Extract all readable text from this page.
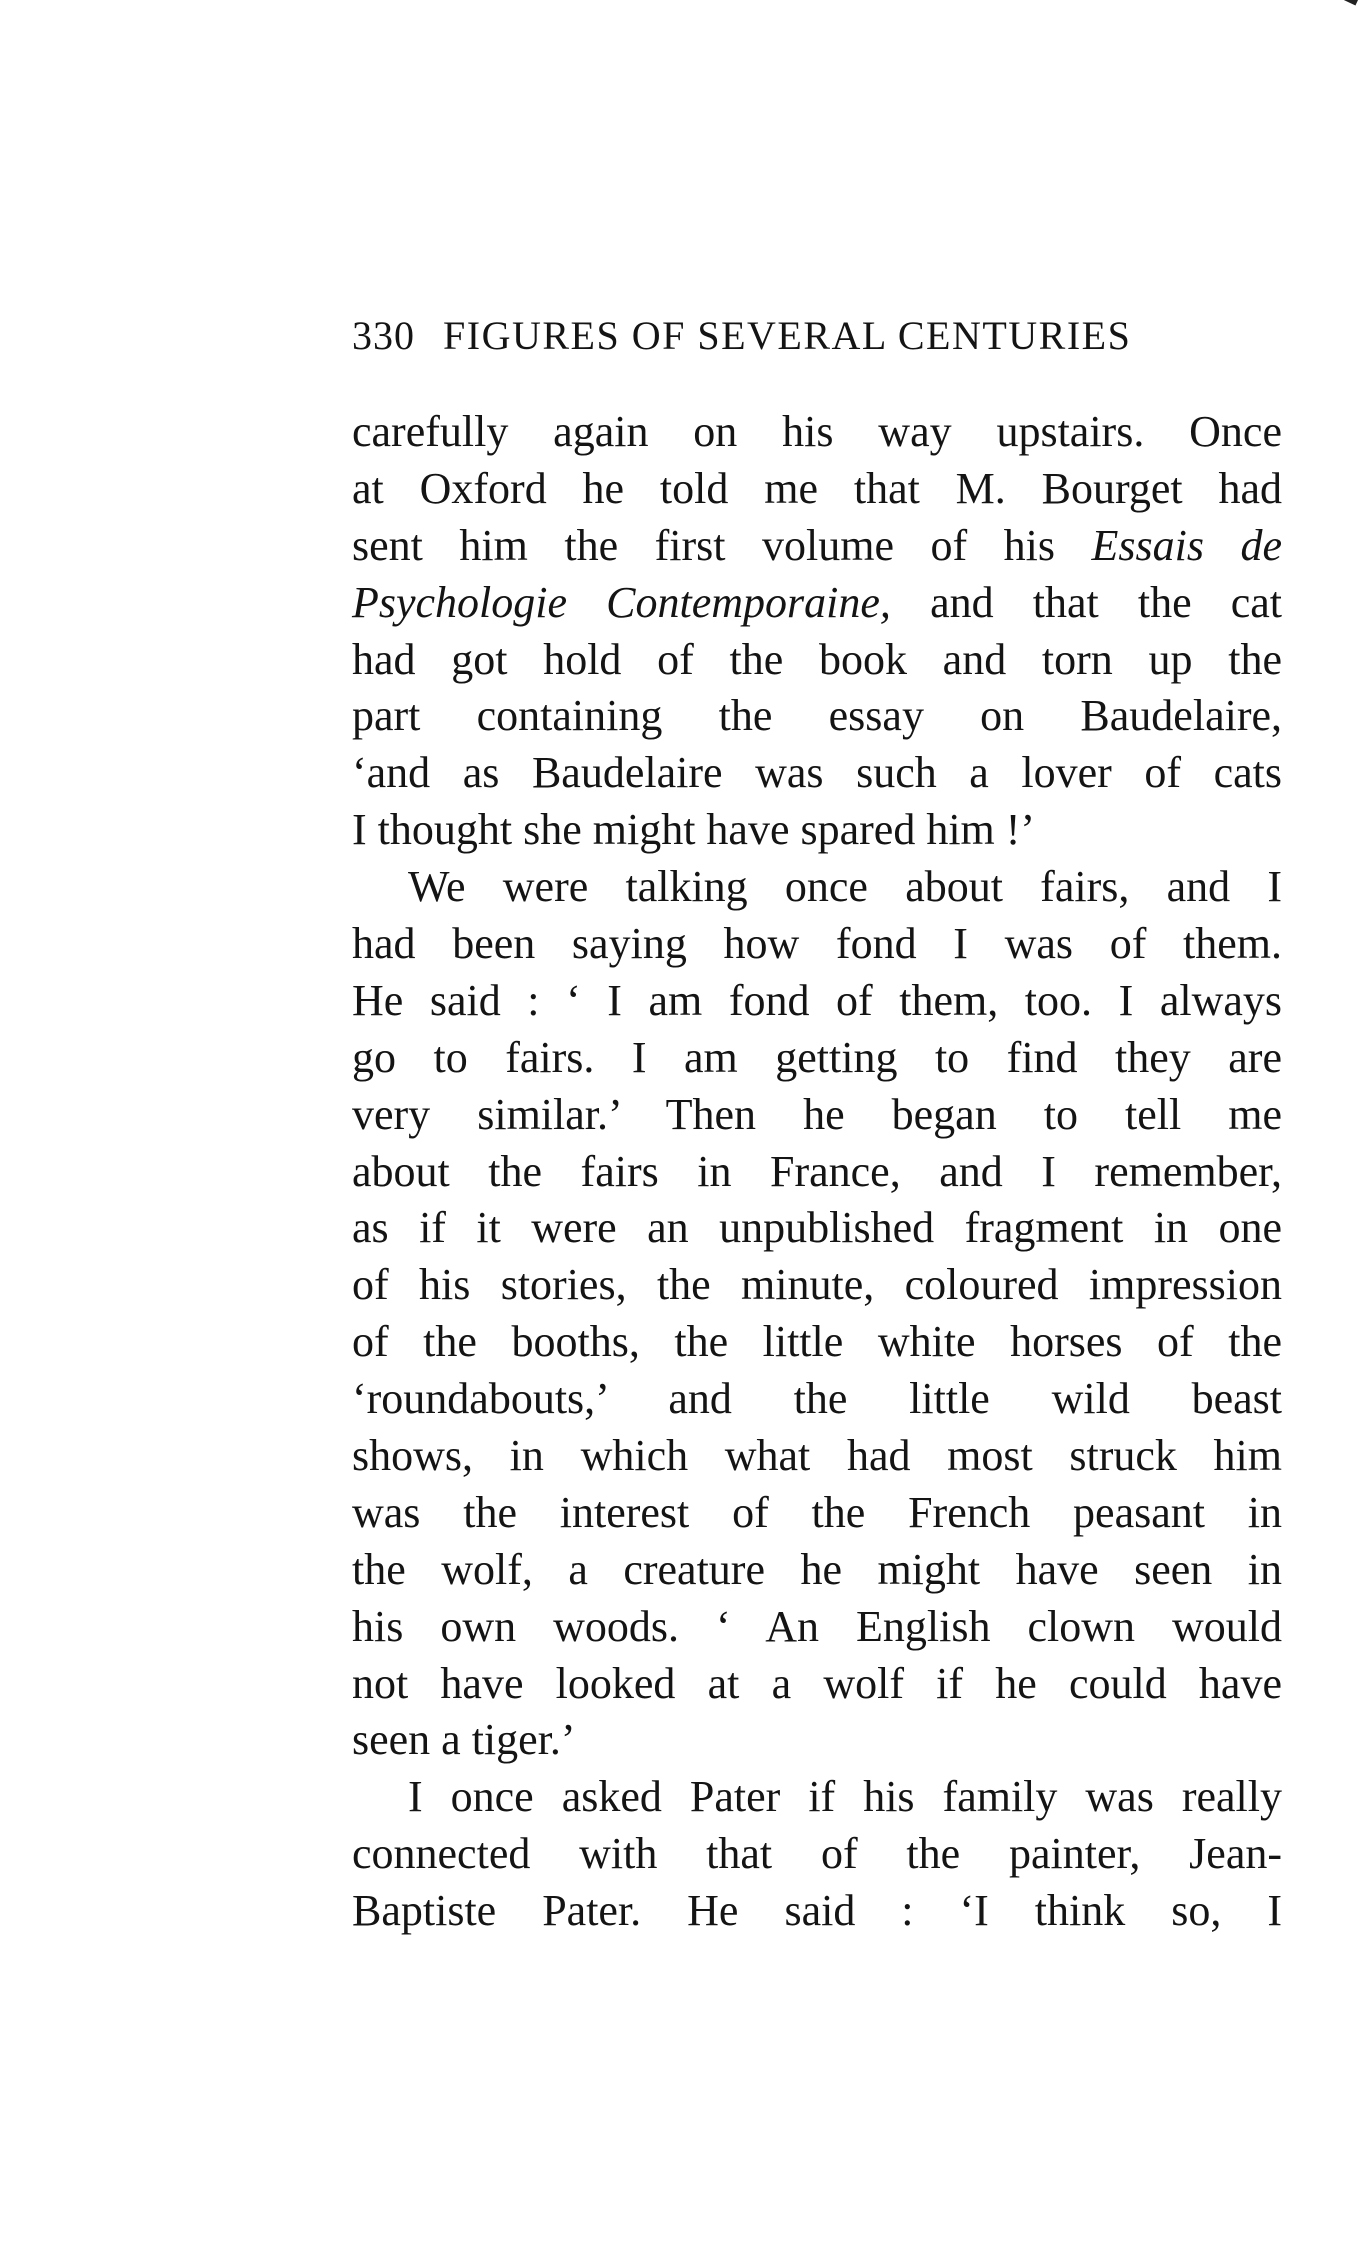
330 FIGURES OF SEVERAL CENTURIES
carefully again on his way upstairs. Once
at Oxford he told me that M. Bourget had
sent him the first volume of his Essais de
Psychologie Contemporaine, and that the cat
had got hold of the book and torn up the
part containing the essay on Baudelaire,
‘and as Baudelaire was such a lover of cats
I thought she might have spared him !’
We were talking once about fairs, and I
had been saying how fond I was of them.
He said : ‘ I am fond of them, too. I always
go to fairs. I am getting to find they are
very similar.’ Then he began to tell me
about the fairs in France, and I remember,
as if it were an unpublished fragment in one
of his stories, the minute, coloured impression
of the booths, the little white horses of the
‘roundabouts,’ and the little wild beast
shows, in which what had most struck him
was the interest of the French peasant in
the wolf, a creature he might have seen in
his own woods. ‘ An English clown would
not have looked at a wolf if he could have
seen a tiger.’
I once asked Pater if his family was really
connected with that of the painter, Jean-
Baptiste Pater. He said : ‘I think so, I
